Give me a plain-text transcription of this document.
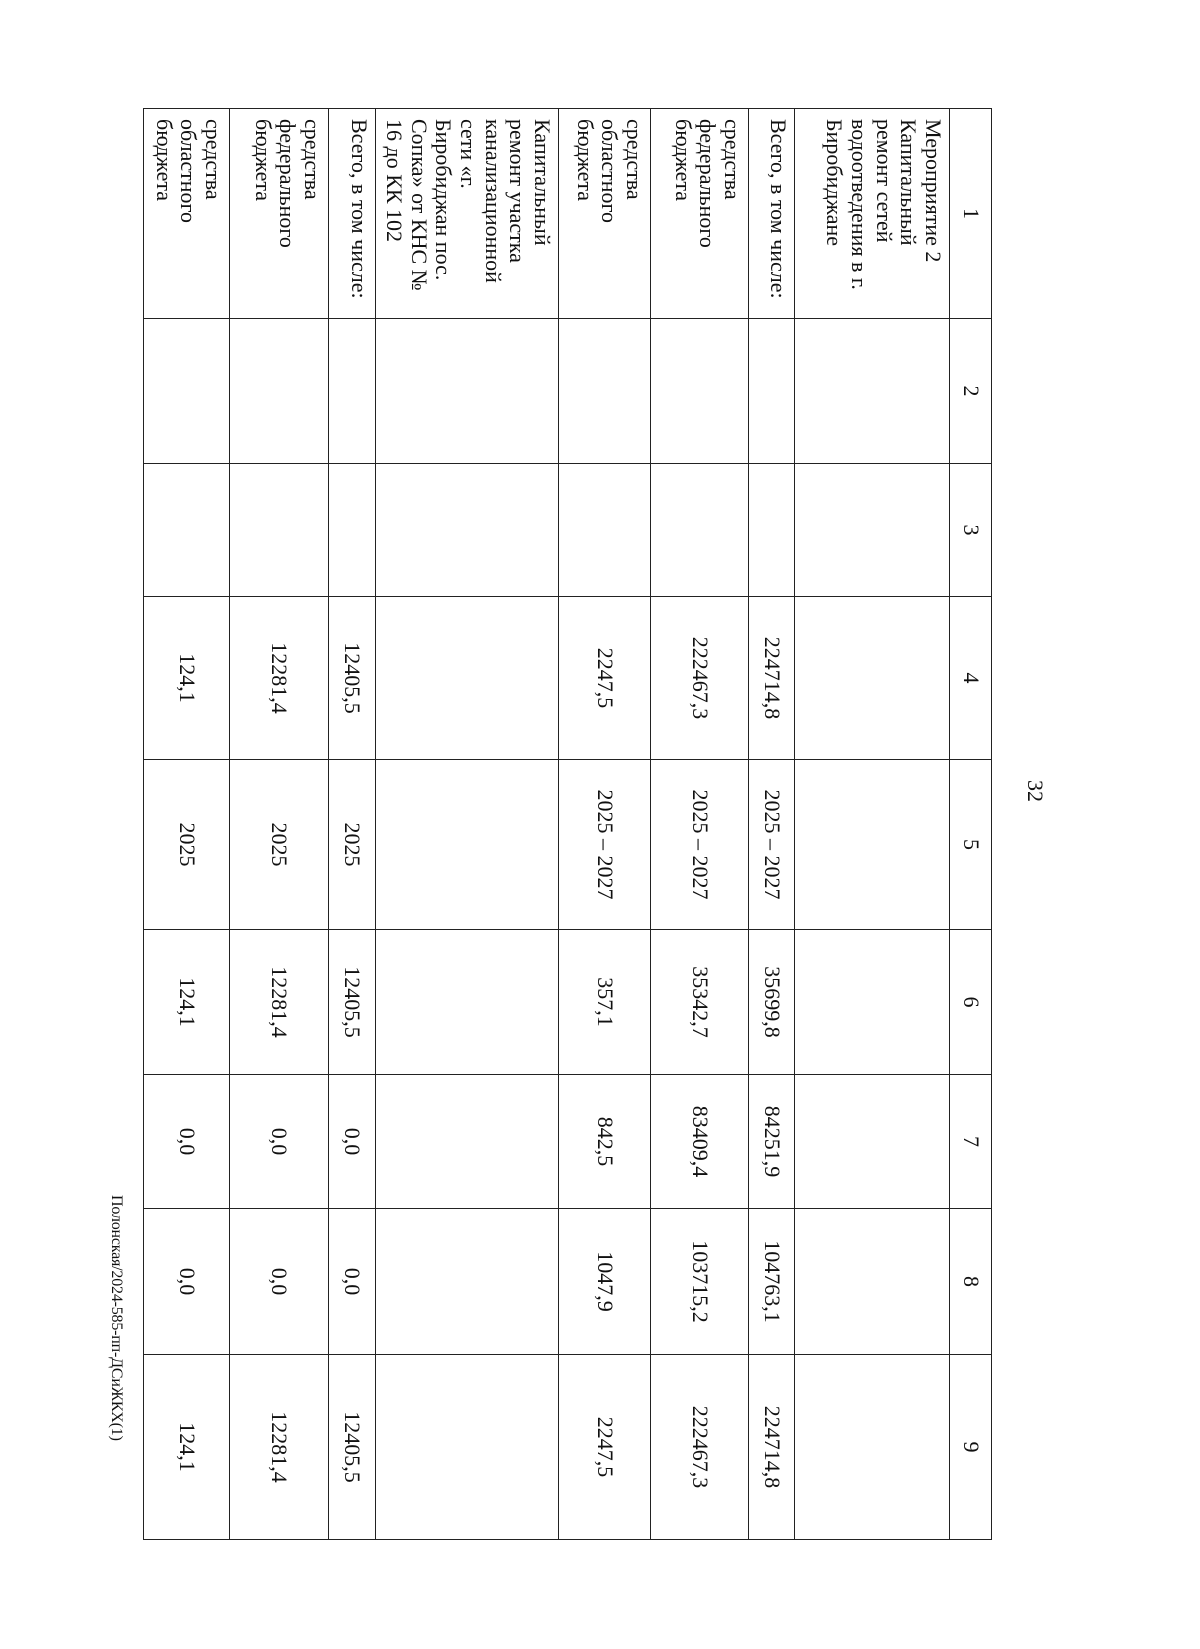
32
1	2	3	4	5	6	7	8	9
Мероприятие 2 Капитальный ремонт сетей водоотведения в г. Биробиджане								
Всего, в том числе:			224714,8	2025 – 2027	35699,8	84251,9	104763,1	224714,8
средства федерального бюджета			222467,3	2025 – 2027	35342,7	83409,4	103715,2	222467,3
средства областного бюджета			2247,5	2025 – 2027	357,1	842,5	1047,9	2247,5
Капитальный ремонт участка канализационной сети «г. Биробиджан пос. Сопка» от КНС № 16 до КК 102								
Всего, в том числе:			12405,5	2025	12405,5	0,0	0,0	12405,5
средства федерального бюджета			12281,4	2025	12281,4	0,0	0,0	12281,4
средства областного бюджета			124,1	2025	124,1	0,0	0,0	124,1
Полонская/2024-585-пп-ДСиЖКХ(1)
